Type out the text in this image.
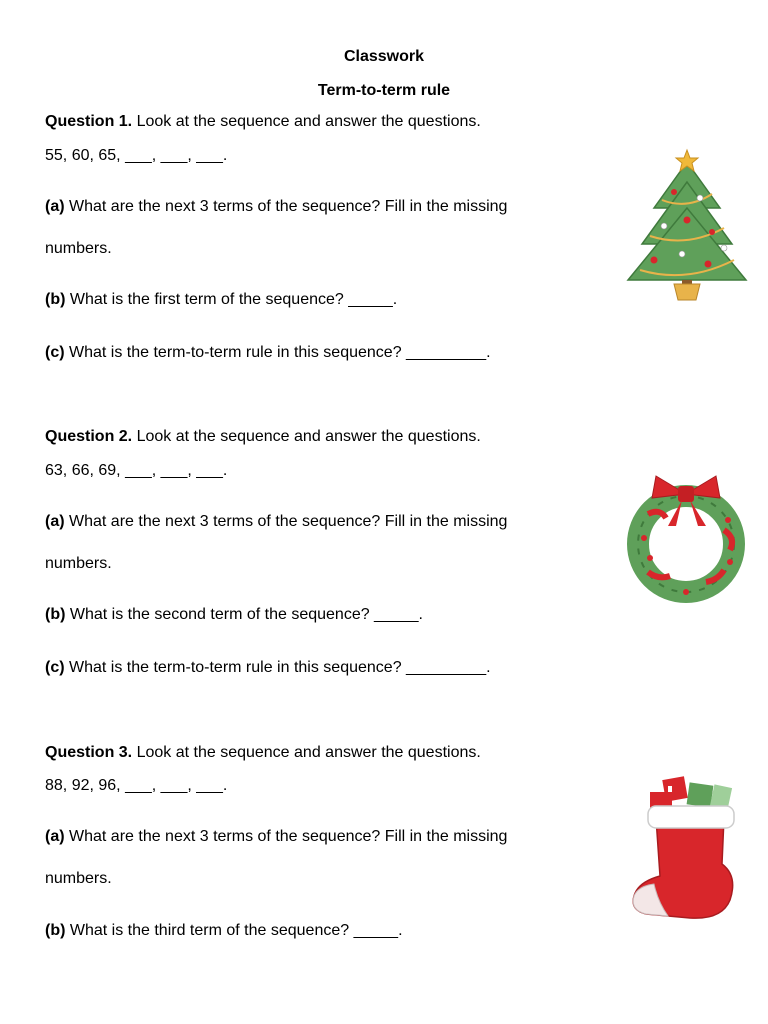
Classwork
Term-to-term rule
Question 1. Look at the sequence and answer the questions.
55, 60, 65, ___, ___, ___.
(a) What are the next 3 terms of the sequence? Fill in the missing
numbers.
(b) What is the first term of the sequence? _____.
(c) What is the term-to-term rule in this sequence? _________.
Question 2. Look at the sequence and answer the questions.
63, 66, 69, ___, ___, ___.
(a) What are the next 3 terms of the sequence? Fill in the missing
numbers.
(b) What is the second term of the sequence? _____.
(c) What is the term-to-term rule in this sequence? _________.
Question 3. Look at the sequence and answer the questions.
88, 92, 96, ___, ___, ___.
(a) What are the next 3 terms of the sequence? Fill in the missing
numbers.
(b) What is the third term of the sequence? _____.
